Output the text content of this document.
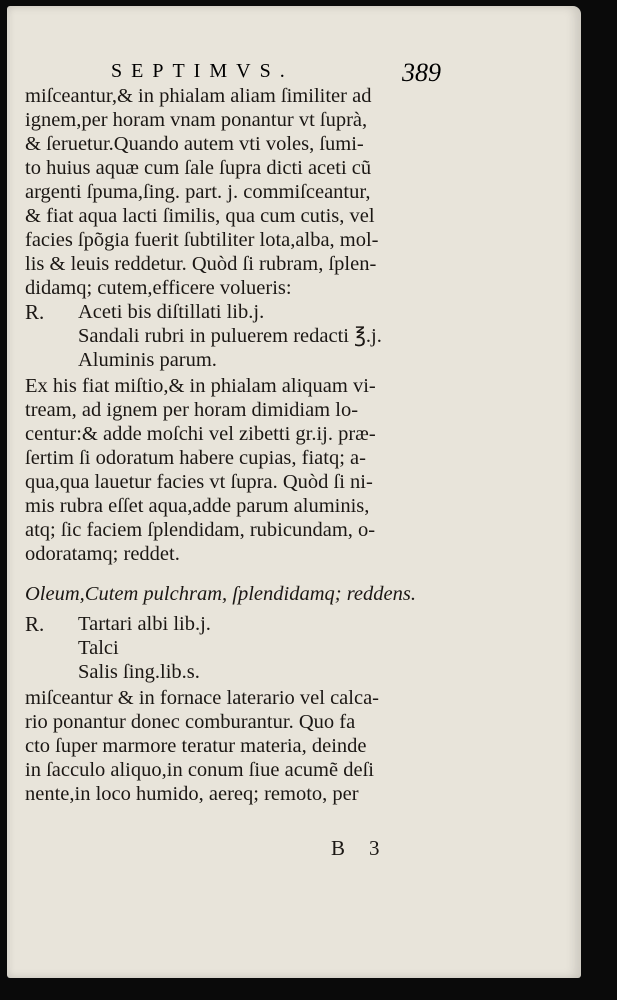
SEPTIMVS.	389
miſceantur,& in phialam aliam ſimiliter ad
ignem,per horam vnam ponantur vt ſuprà,
& ſeruetur.Quando autem vti voles, ſumi-
to huius aquæ cum ſale ſupra dicti aceti cũ
argenti ſpuma,ſing. part. j. commiſceantur,
& fiat aqua lacti ſimilis, qua cum cutis, vel
facies ſpõgia fuerit ſubtiliter lota,alba, mol-
lis & leuis reddetur. Quòd ſi rubram, ſplen-
didamq; cutem,efficere volueris:
R. Aceti bis diſtillati lib.j.
Sandali rubri in puluerem redacti ℥.j.
Aluminis parum.
Ex his fiat miſtio,& in phialam aliquam vi-
tream, ad ignem per horam dimidiam lo-
centur:& adde moſchi vel zibetti gr.ij. præ-
ſertim ſi odoratum habere cupias, fiatq; a-
qua,qua lauetur facies vt ſupra. Quòd ſi ni-
mis rubra eſſet aqua,adde parum aluminis,
atq; ſic faciem ſplendidam, rubicundam, o-
odoratamq; reddet.
Oleum,Cutem pulchram, ſplendidamq; reddens.
R. Tartari albi lib.j.
Talci
Salis ſing.lib.s.
miſceantur & in fornace laterario vel calca-
rio ponantur donec comburantur. Quo fa
cto ſuper marmore teratur materia, deinde
in ſacculo aliquo,in conum ſiue acumẽ deſi
nente,in loco humido, aereq; remoto, per
B 3
